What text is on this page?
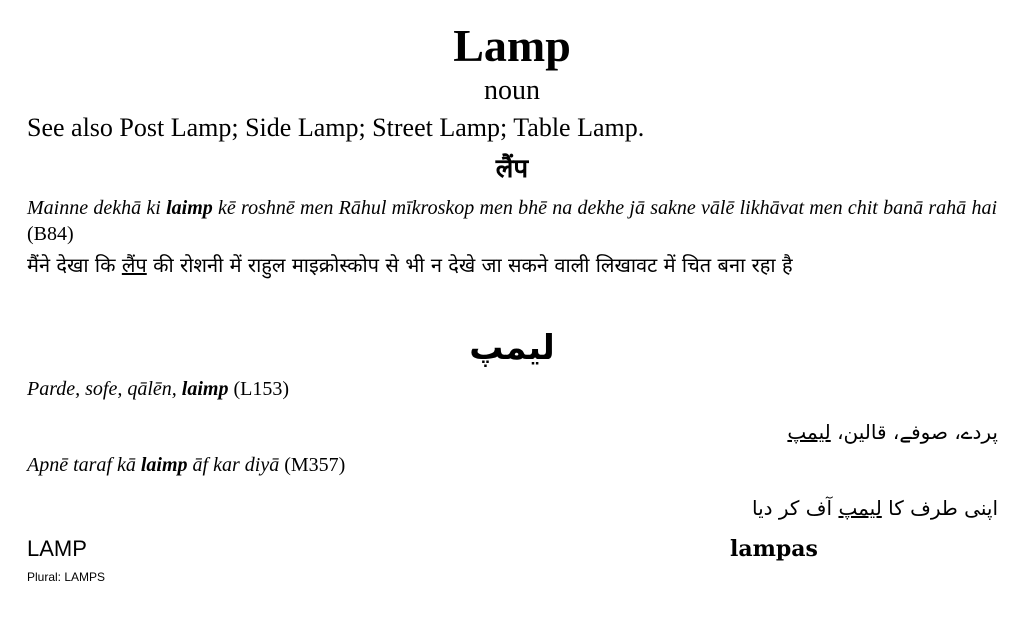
Lamp
noun
See also Post Lamp; Side Lamp; Street Lamp; Table Lamp.
लैंप
Mainne dekhā ki laimp kē roshnē men Rāhul mīkroskop men bhē na dekhe jā sakne vālē likhāvat men chit banā rahā hai (B84)
मैंने देखा कि लैंप की रोशनी में राहुल माइक्रोस्कोप से भी न देखे जा सकने वाली लिखावट में चित बना रहा है
لیمپ
Parde, sofe, qālēn, laimp (L153)
پردے، صوفے، قالین، لیمپ
Apnē taraf kā laimp āf kar diyā (M357)
اپنی طرف کا لیمپ آف کر دیا
LAMP
Plural: LAMPS
lampas
